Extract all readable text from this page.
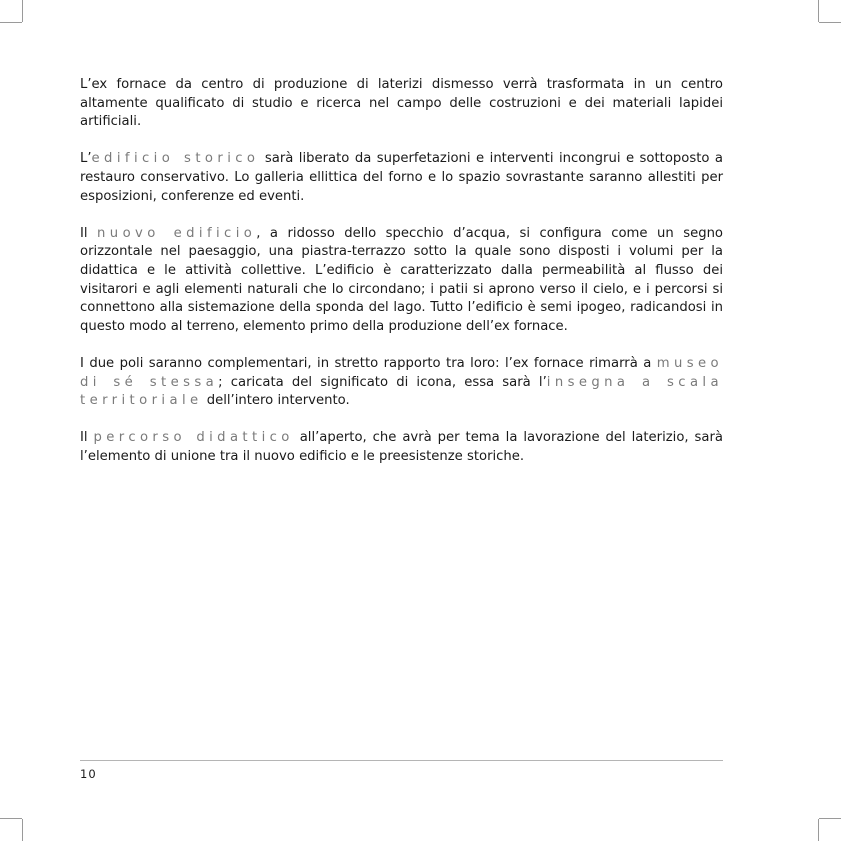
L’ex fornace da centro di produzione di laterizi dismesso verrà trasformata in un centro altamente qualificato di studio e ricerca nel campo delle costruzioni e dei materiali lapidei artificiali.

L’edificio storico sarà liberato da superfetazioni e interventi incongrui e sottoposto a restauro conservativo. Lo galleria ellittica del forno e lo spazio sovrastante saranno allestiti per esposizioni, conferenze ed eventi.

Il nuovo edificio, a ridosso dello specchio d’acqua, si configura come un segno orizzontale nel paesaggio, una piastra-terrazzo sotto la quale sono disposti i volumi per la didattica e le attività collettive. L’edificio è caratterizzato dalla permeabilità al flusso dei visitarori e agli elementi naturali che lo circondano; i patii si aprono verso il cielo, e i percorsi si connettono alla sistemazione della sponda del lago. Tutto l’edificio è semi ipogeo, radicandosi in questo modo al terreno, elemento primo della produzione dell’ex fornace.

I due poli saranno complementari, in stretto rapporto tra loro: l’ex fornace rimarrà a museo di sé stessa; caricata del significato di icona, essa sarà l’insegna a scala territoriale dell’intero intervento.

Il percorso didattico all’aperto, che avrà per tema la lavorazione del laterizio, sarà l’elemento di unione tra il nuovo edificio e le preesistenze storiche.

10
